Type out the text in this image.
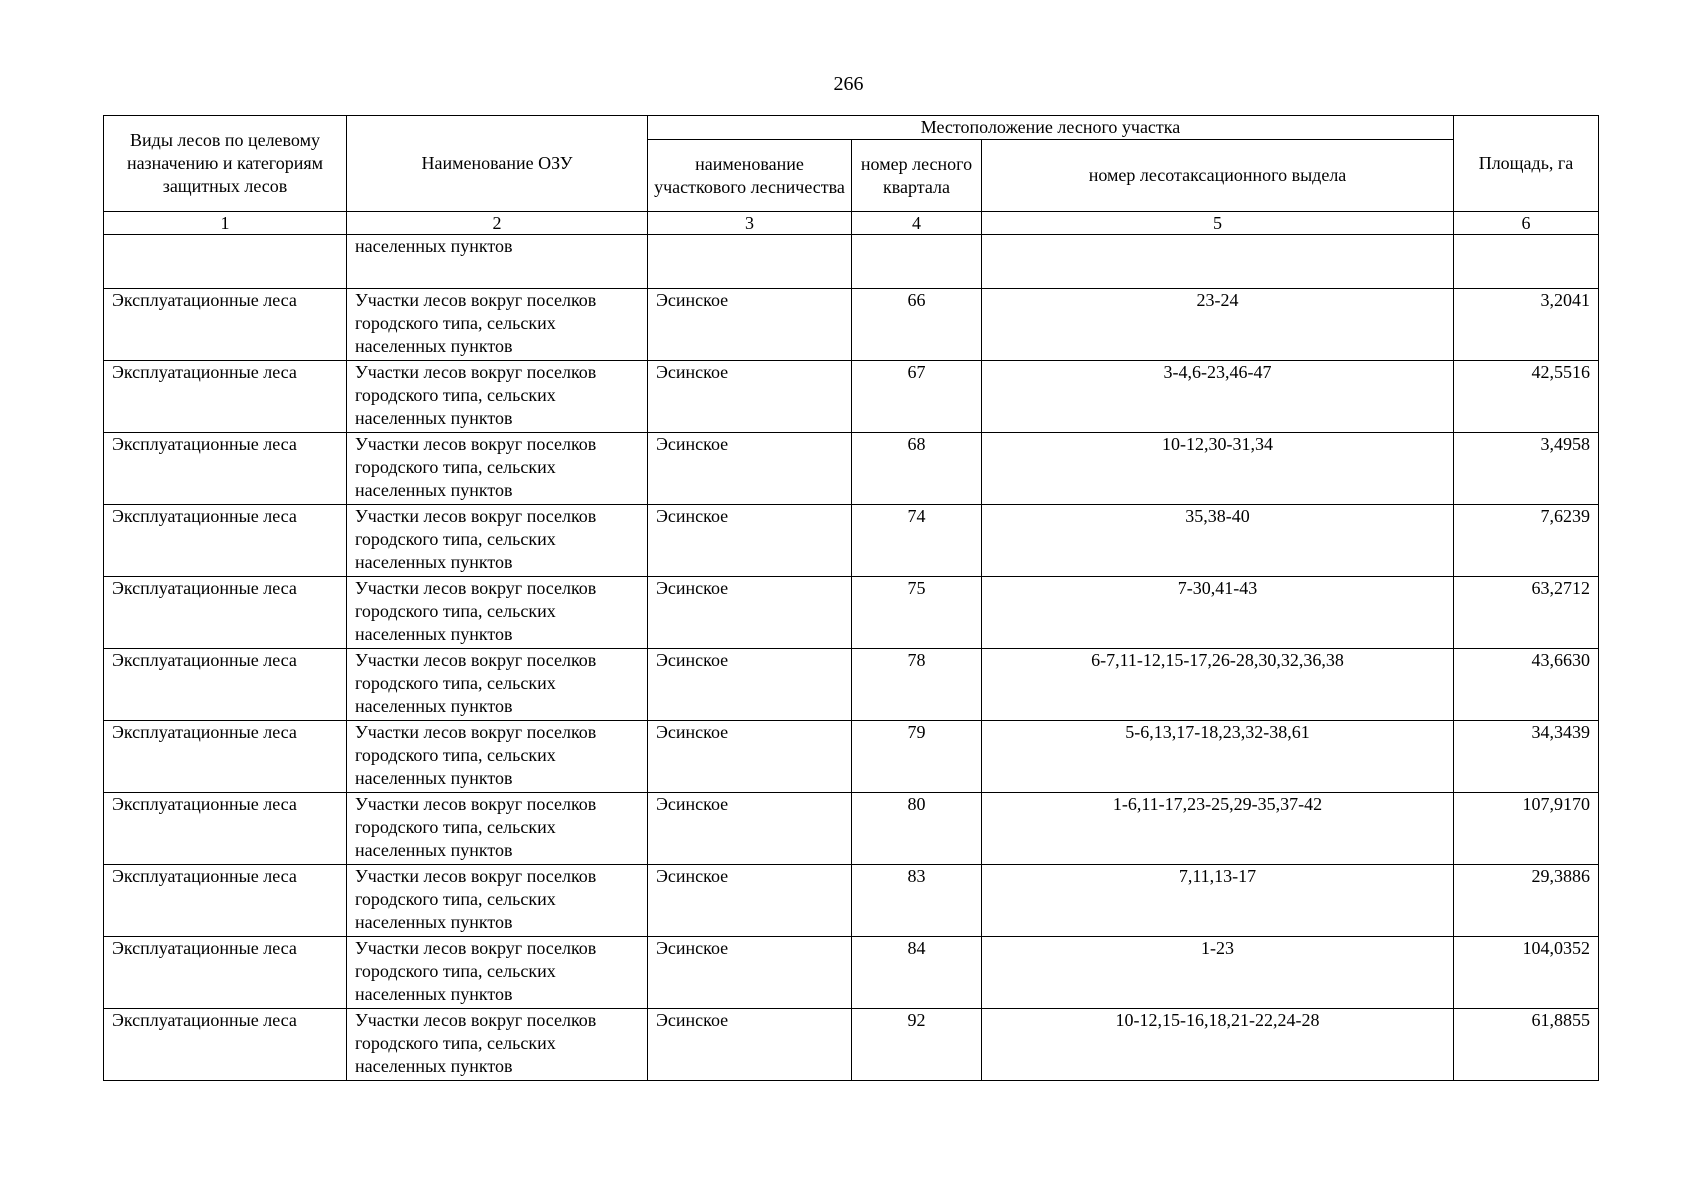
266
Виды лесов по целевому назначению и категориям защитных лесов	Наименование ОЗУ	Местоположение лесного участка			Площадь, га
		наименование участкового лесничества	номер лесного квартала	номер лесотаксационного выдела	
1	2	3	4	5	6
	населенных пунктов				
Эксплуатационные леса	Участки лесов вокруг поселков городского типа, сельских населенных пунктов	Эсинское	66	23-24	3,2041
Эксплуатационные леса	Участки лесов вокруг поселков городского типа, сельских населенных пунктов	Эсинское	67	3-4,6-23,46-47	42,5516
Эксплуатационные леса	Участки лесов вокруг поселков городского типа, сельских населенных пунктов	Эсинское	68	10-12,30-31,34	3,4958
Эксплуатационные леса	Участки лесов вокруг поселков городского типа, сельских населенных пунктов	Эсинское	74	35,38-40	7,6239
Эксплуатационные леса	Участки лесов вокруг поселков городского типа, сельских населенных пунктов	Эсинское	75	7-30,41-43	63,2712
Эксплуатационные леса	Участки лесов вокруг поселков городского типа, сельских населенных пунктов	Эсинское	78	6-7,11-12,15-17,26-28,30,32,36,38	43,6630
Эксплуатационные леса	Участки лесов вокруг поселков городского типа, сельских населенных пунктов	Эсинское	79	5-6,13,17-18,23,32-38,61	34,3439
Эксплуатационные леса	Участки лесов вокруг поселков городского типа, сельских населенных пунктов	Эсинское	80	1-6,11-17,23-25,29-35,37-42	107,9170
Эксплуатационные леса	Участки лесов вокруг поселков городского типа, сельских населенных пунктов	Эсинское	83	7,11,13-17	29,3886
Эксплуатационные леса	Участки лесов вокруг поселков городского типа, сельских населенных пунктов	Эсинское	84	1-23	104,0352
Эксплуатационные леса	Участки лесов вокруг поселков городского типа, сельских населенных пунктов	Эсинское	92	10-12,15-16,18,21-22,24-28	61,8855
